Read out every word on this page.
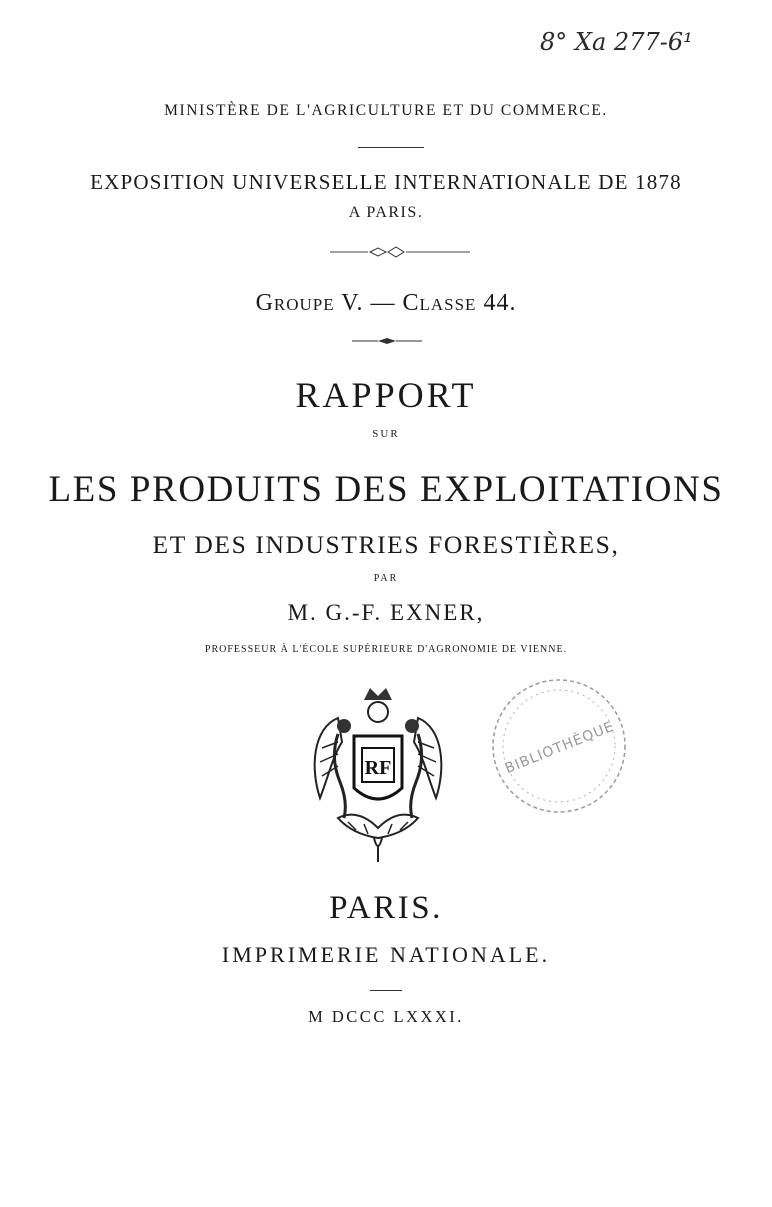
8° Xa 277-6¹
MINISTÈRE DE L'AGRICULTURE ET DU COMMERCE.
EXPOSITION UNIVERSELLE INTERNATIONALE DE 1878
A PARIS.
Groupe V. — Classe 44.
RAPPORT
SUR
LES PRODUITS DES EXPLOITATIONS
ET DES INDUSTRIES FORESTIÈRES,
PAR
M. G.-F. EXNER,
PROFESSEUR À L'ÉCOLE SUPÉRIEURE D'AGRONOMIE DE VIENNE.
RF	BIBLIOTHÈQUE
PARIS.
IMPRIMERIE NATIONALE.
M DCCC LXXXI.
